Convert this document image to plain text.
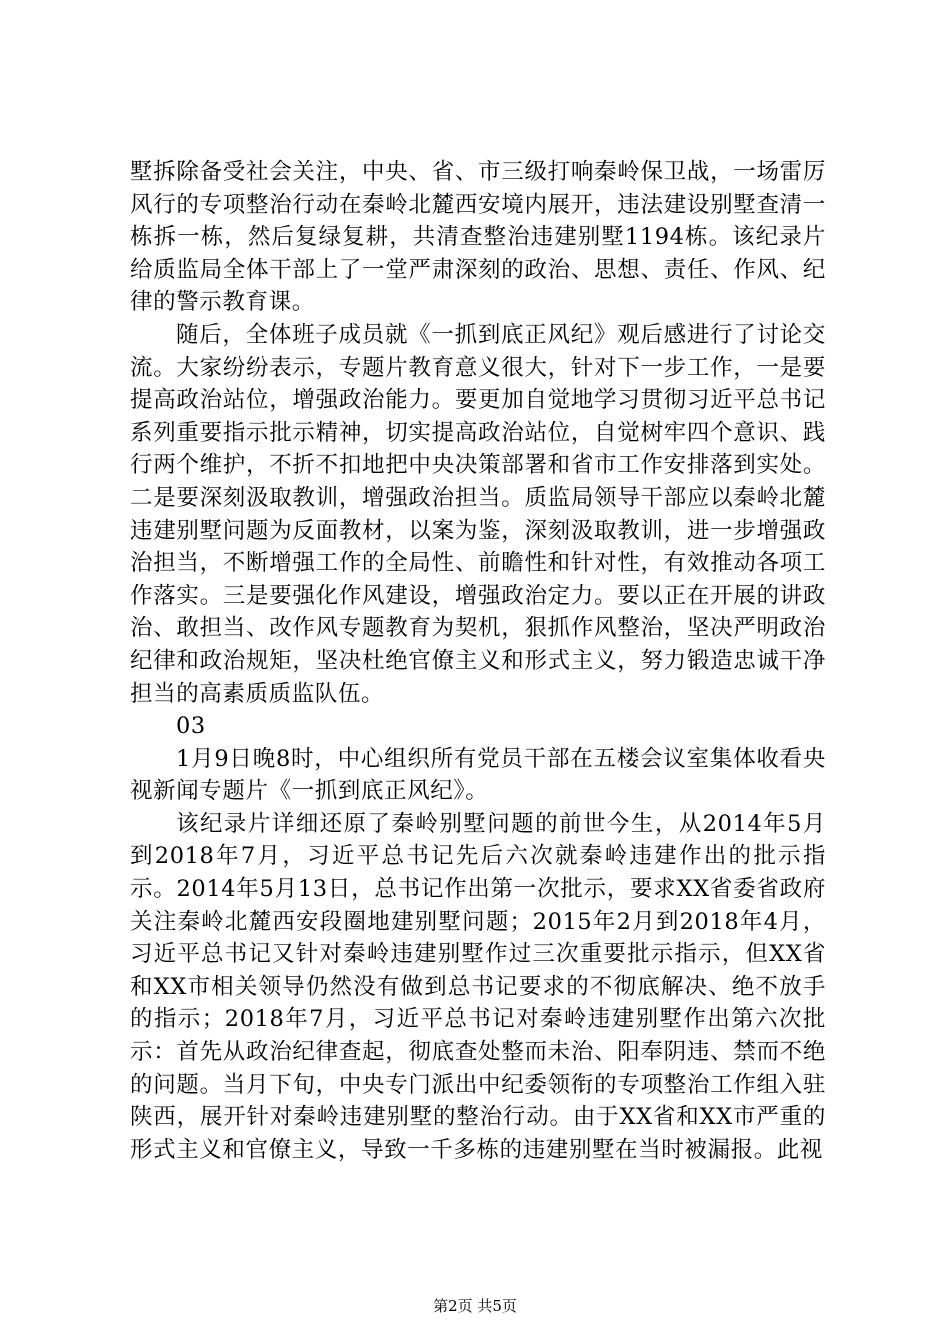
墅拆除备受社会关注，中央、省、市三级打响秦岭保卫战，一场雷厉风行的专项整治行动在秦岭北麓西安境内展开，违法建设别墅查清一栋拆一栋，然后复绿复耕，共清查整治违建别墅1194栋。该纪录片给质监局全体干部上了一堂严肃深刻的政治、思想、责任、作风、纪律的警示教育课。

随后，全体班子成员就《一抓到底正风纪》观后感进行了讨论交流。大家纷纷表示，专题片教育意义很大，针对下一步工作，一是要提高政治站位，增强政治能力。要更加自觉地学习贯彻习近平总书记系列重要指示批示精神，切实提高政治站位，自觉树牢四个意识、践行两个维护，不折不扣地把中央决策部署和省市工作安排落到实处。二是要深刻汲取教训，增强政治担当。质监局领导干部应以秦岭北麓违建别墅问题为反面教材，以案为鉴，深刻汲取教训，进一步增强政治担当，不断增强工作的全局性、前瞻性和针对性，有效推动各项工作落实。三是要强化作风建设，增强政治定力。要以正在开展的讲政治、敢担当、改作风专题教育为契机，狠抓作风整治，坚决严明政治纪律和政治规矩，坚决杜绝官僚主义和形式主义，努力锻造忠诚干净担当的高素质质监队伍。

03

1月9日晚8时，中心组织所有党员干部在五楼会议室集体收看央视新闻专题片《一抓到底正风纪》。

该纪录片详细还原了秦岭别墅问题的前世今生，从2014年5月到2018年7月，习近平总书记先后六次就秦岭违建作出的批示指示。2014年5月13日，总书记作出第一次批示，要求XX省委省政府关注秦岭北麓西安段圈地建别墅问题；2015年2月到2018年4月，习近平总书记又针对秦岭违建别墅作过三次重要批示指示，但XX省和XX市相关领导仍然没有做到总书记要求的不彻底解决、绝不放手的指示；2018年7月，习近平总书记对秦岭违建别墅作出第六次批示：首先从政治纪律查起，彻底查处整而未治、阳奉阴违、禁而不绝的问题。当月下旬，中央专门派出中纪委领衔的专项整治工作组入驻陕西，展开针对秦岭违建别墅的整治行动。由于XX省和XX市严重的形式主义和官僚主义，导致一千多栋的违建别墅在当时被漏报。此视

第2页 共5页
